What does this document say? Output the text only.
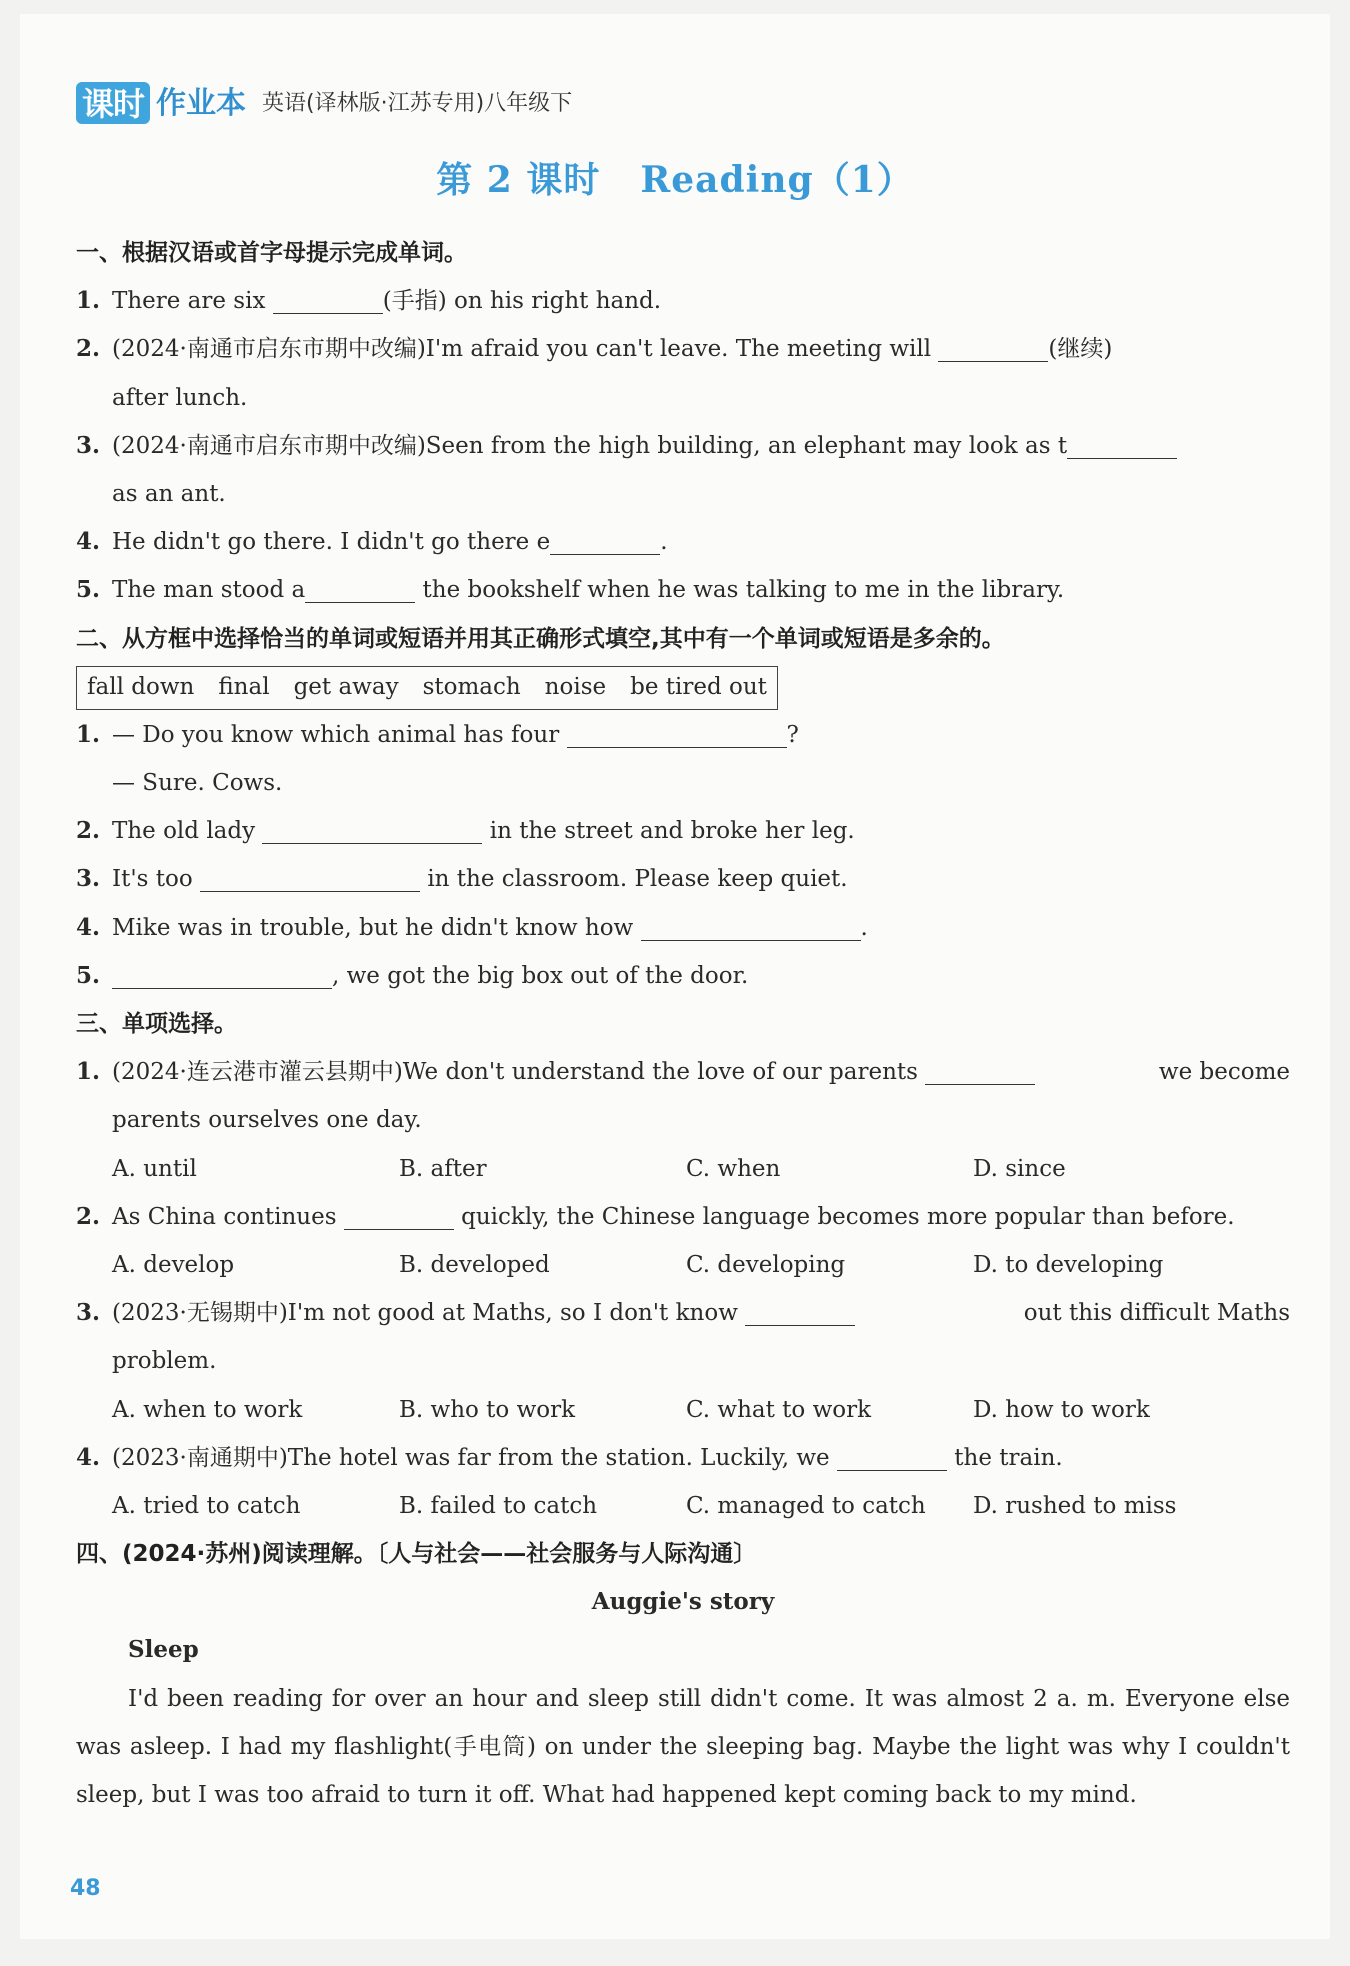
课时 作业本 英语(译林版·江苏专用)八年级下
第 2 课时 Reading（1）
一、根据汉语或首字母提示完成单词。
1. There are six	(手指) on his right hand.
2. (2024·南通市启东市期中改编)I'm afraid you can't leave. The meeting will	(继续)
after lunch.
3. (2024·南通市启东市期中改编)Seen from the high building, an elephant may look as t
as an ant.
4. He didn't go there. I didn't go there e	.
5. The man stood a	the bookshelf when he was talking to me in the library.
二、从方框中选择恰当的单词或短语并用其正确形式填空,其中有一个单词或短语是多余的。
fall down final get away stomach noise be tired out
1. — Do you know which animal has four	?
— Sure. Cows.
2. The old lady	in the street and broke her leg.
3. It's too	in the classroom. Please keep quiet.
4. Mike was in trouble, but he didn't know how	.
5.	, we got the big box out of the door.
三、单项选择。
1. (2024·连云港市灌云县期中)We don't understand the love of our parents	we become
parents ourselves one day.
A. until	B. after	C. when	D. since
2. As China continues	quickly, the Chinese language becomes more popular than before.
A. develop	B. developed	C. developing	D. to developing
3. (2023·无锡期中)I'm not good at Maths, so I don't know	out this difficult Maths
problem.
A. when to work	B. who to work	C. what to work	D. how to work
4. (2023·南通期中)The hotel was far from the station. Luckily, we	the train.
A. tried to catch	B. failed to catch	C. managed to catch	D. rushed to miss
四、(2024·苏州)阅读理解。〔人与社会——社会服务与人际沟通〕
Auggie's story
Sleep
I'd been reading for over an hour and sleep still didn't come. It was almost 2 a. m. Everyone else was asleep. I had my flashlight(手电筒) on under the sleeping bag. Maybe the light was why I couldn't sleep, but I was too afraid to turn it off. What had happened kept coming back to my mind.
48
